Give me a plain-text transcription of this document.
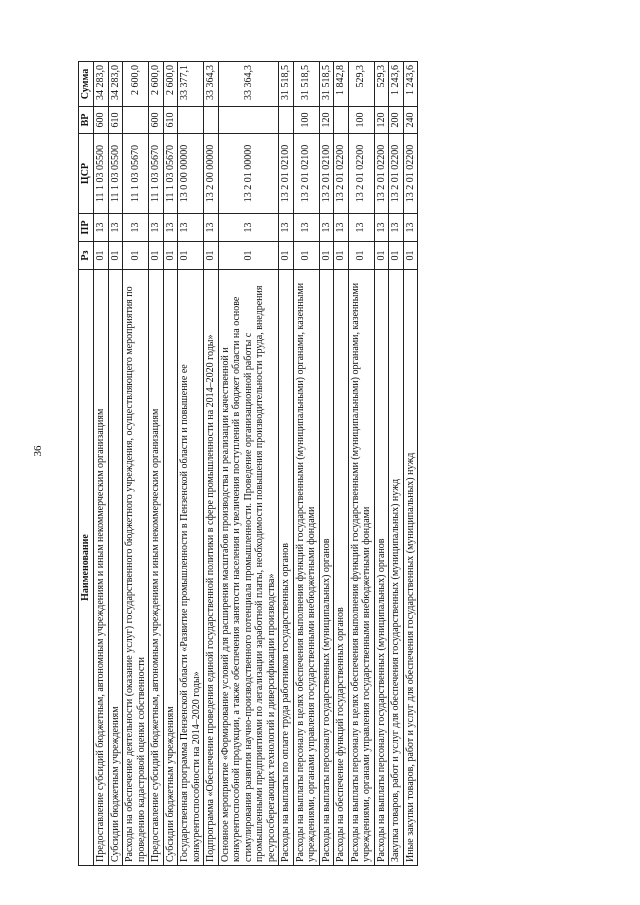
36
Наименование	Рз	ПР	ЦСР	ВР	Сумма
Предоставление субсидий бюджетным, автономным учреждениям и иным некоммерческим организациям	01	13	11 1 03 05500	600	34 283,0
Субсидии бюджетным учреждениям	01	13	11 1 03 05500	610	34 283,0
Расходы на обеспечение деятельности (оказание услуг) государственного бюджетного учреждения, осуществляющего мероприятия по проведению кадастровой оценки собственности	01	13	11 1 03 05670		2 600,0
Предоставление субсидий бюджетным, автономным учреждениям и иным некоммерческим организациям	01	13	11 1 03 05670	600	2 600,0
Субсидии бюджетным учреждениям	01	13	11 1 03 05670	610	2 600,0
Государственная программа Пензенской области «Развитие промышленности в Пензенской области и повышение ее конкурентоспособности на 2014–2020 годы»	01	13	13 0 00 00000		33 377,1
Подпрограмма «Обеспечение проведения единой государственной политики в сфере промышленности на 2014–2020 годы»	01	13	13 2 00 00000		33 364,3
Основное мероприятие «Формирование условий для расширения масштабов производства и реализации качественной и конкурентоспособной продукции, а также обеспечения занятости населения и увеличения поступлений в бюджет области на основе стимулирования развития научно-производственного потенциала промышленности. Проведение организационной работы с промышленными предприятиями по легализации заработной платы, необходимости повышения производительности труда, внедрения ресурсосберегающих технологий и диверсификации производства»	01	13	13 2 01 00000		33 364,3
Расходы на выплаты по оплате труда работников государственных органов	01	13	13 2 01 02100		31 518,5
Расходы на выплаты персоналу в целях обеспечения выполнения функций государственными (муниципальными) органами, казенными учреждениями, органами управления государственными внебюджетными фондами	01	13	13 2 01 02100	100	31 518,5
Расходы на выплаты персоналу государственных (муниципальных) органов	01	13	13 2 01 02100	120	31 518,5
Расходы на обеспечение функций государственных органов	01	13	13 2 01 02200		1 842,8
Расходы на выплаты персоналу в целях обеспечения выполнения функций государственными (муниципальными) органами, казенными учреждениями, органами управления государственными внебюджетными фондами	01	13	13 2 01 02200	100	529,3
Расходы на выплаты персоналу государственных (муниципальных) органов	01	13	13 2 01 02200	120	529,3
Закупка товаров, работ и услуг для обеспечения государственных (муниципальных) нужд	01	13	13 2 01 02200	200	1 243,6
Иные закупки товаров, работ и услуг для обеспечения государственных (муниципальных) нужд	01	13	13 2 01 02200	240	1 243,6
